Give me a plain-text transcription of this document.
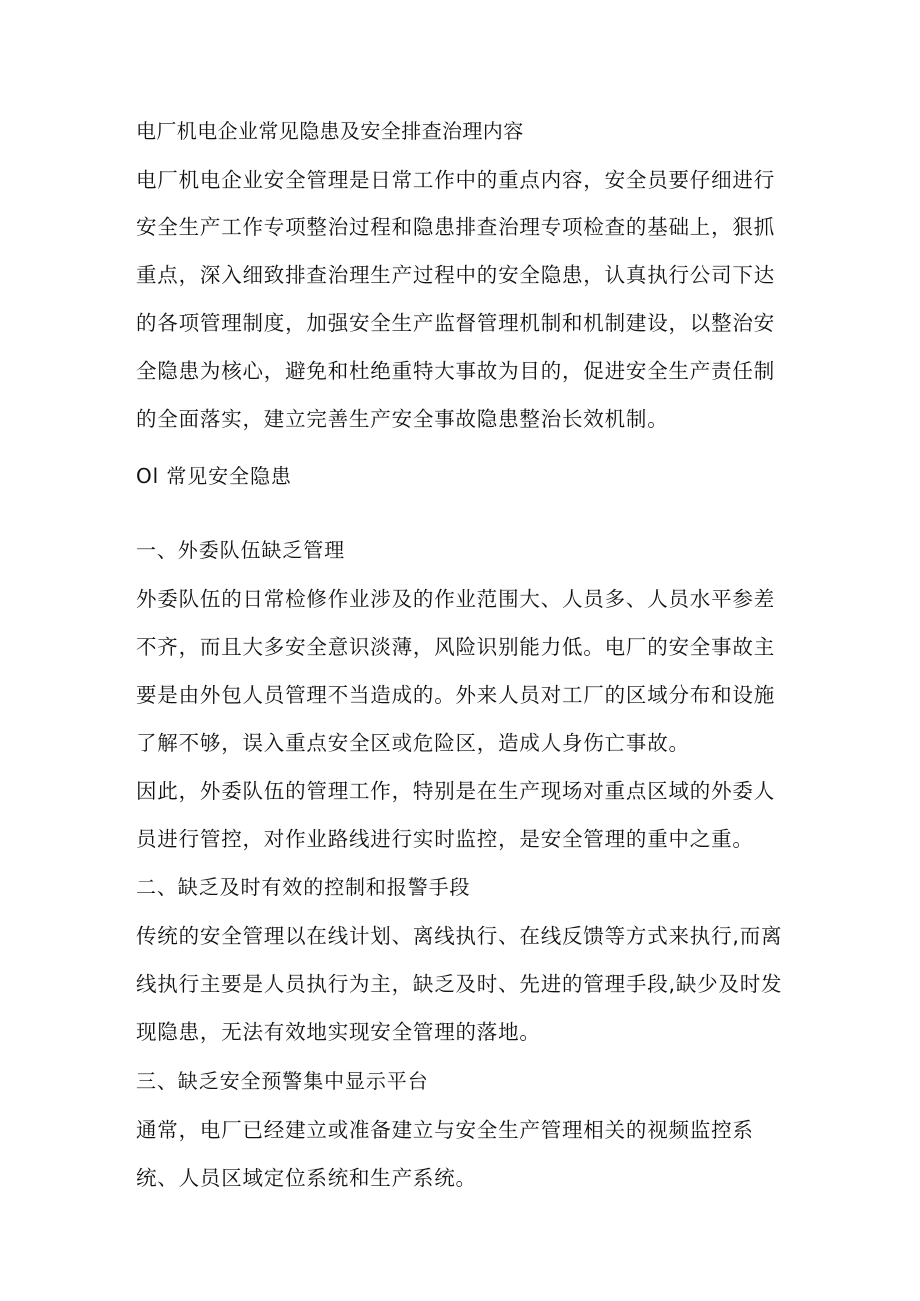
电厂机电企业常见隐患及安全排查治理内容

电厂机电企业安全管理是日常工作中的重点内容，安全员要仔细进行

安全生产工作专项整治过程和隐患排查治理专项检查的基础上，狠抓

重点，深入细致排查治理生产过程中的安全隐患，认真执行公司下达

的各项管理制度，加强安全生产监督管理机制和机制建设，以整治安

全隐患为核心，避免和杜绝重特大事故为目的，促进安全生产责任制

的全面落实，建立完善生产安全事故隐患整治长效机制。

Ol 常见安全隐患

一、外委队伍缺乏管理

外委队伍的日常检修作业涉及的作业范围大、人员多、人员水平参差

不齐，而且大多安全意识淡薄，风险识别能力低。电厂的安全事故主

要是由外包人员管理不当造成的。外来人员对工厂的区域分布和设施

了解不够，误入重点安全区或危险区，造成人身伤亡事故。

因此，外委队伍的管理工作，特别是在生产现场对重点区域的外委人

员进行管控，对作业路线进行实时监控，是安全管理的重中之重。

二、缺乏及时有效的控制和报警手段

传统的安全管理以在线计划、离线执行、在线反馈等方式来执行,而离

线执行主要是人员执行为主，缺乏及时、先进的管理手段,缺少及时发

现隐患，无法有效地实现安全管理的落地。

三、缺乏安全预警集中显示平台

通常，电厂已经建立或准备建立与安全生产管理相关的视频监控系

统、人员区域定位系统和生产系统。
